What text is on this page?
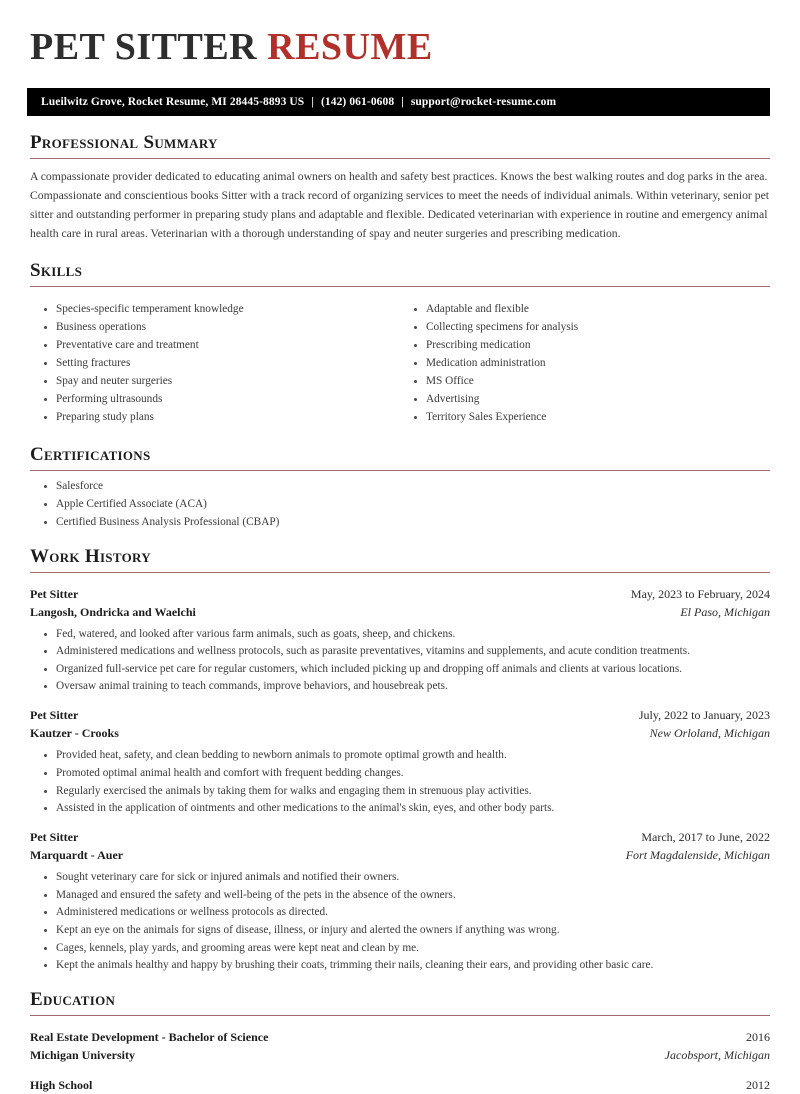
PET SITTER RESUME
Lueilwitz Grove, Rocket Resume, MI 28445-8893 US | (142) 061-0608 | support@rocket-resume.com
Professional Summary

A compassionate provider dedicated to educating animal owners on health and safety best practices. Knows the best walking routes and dog parks in the area. Compassionate and conscientious books Sitter with a track record of organizing services to meet the needs of individual animals. Within veterinary, senior pet sitter and outstanding performer in preparing study plans and adaptable and flexible. Dedicated veterinarian with experience in routine and emergency animal health care in rural areas. Veterinarian with a thorough understanding of spay and neuter surgeries and prescribing medication.

Skills
Species-specific temperament knowledge
Business operations
Preventative care and treatment
Setting fractures
Spay and neuter surgeries
Performing ultrasounds
Preparing study plans
Adaptable and flexible
Collecting specimens for analysis
Prescribing medication
Medication administration
MS Office
Advertising
Territory Sales Experience
Certifications
Salesforce
Apple Certified Associate (ACA)
Certified Business Analysis Professional (CBAP)
Work History
Pet Sitter	May, 2023 to February, 2024
Langosh, Ondricka and Waelchi	El Paso, Michigan
Fed, watered, and looked after various farm animals, such as goats, sheep, and chickens.
Administered medications and wellness protocols, such as parasite preventatives, vitamins and supplements, and acute condition treatments.
Organized full-service pet care for regular customers, which included picking up and dropping off animals and clients at various locations.
Oversaw animal training to teach commands, improve behaviors, and housebreak pets.
Pet Sitter	July, 2022 to January, 2023
Kautzer - Crooks	New Orloland, Michigan
Provided heat, safety, and clean bedding to newborn animals to promote optimal growth and health.
Promoted optimal animal health and comfort with frequent bedding changes.
Regularly exercised the animals by taking them for walks and engaging them in strenuous play activities.
Assisted in the application of ointments and other medications to the animal's skin, eyes, and other body parts.
Pet Sitter	March, 2017 to June, 2022
Marquardt - Auer	Fort Magdalenside, Michigan
Sought veterinary care for sick or injured animals and notified their owners.
Managed and ensured the safety and well-being of the pets in the absence of the owners.
Administered medications or wellness protocols as directed.
Kept an eye on the animals for signs of disease, illness, or injury and alerted the owners if anything was wrong.
Cages, kennels, play yards, and grooming areas were kept neat and clean by me.
Kept the animals healthy and happy by brushing their coats, trimming their nails, cleaning their ears, and providing other basic care.
Education
Real Estate Development - Bachelor of Science	2016
Michigan University	Jacobsport, Michigan
High School	2012
